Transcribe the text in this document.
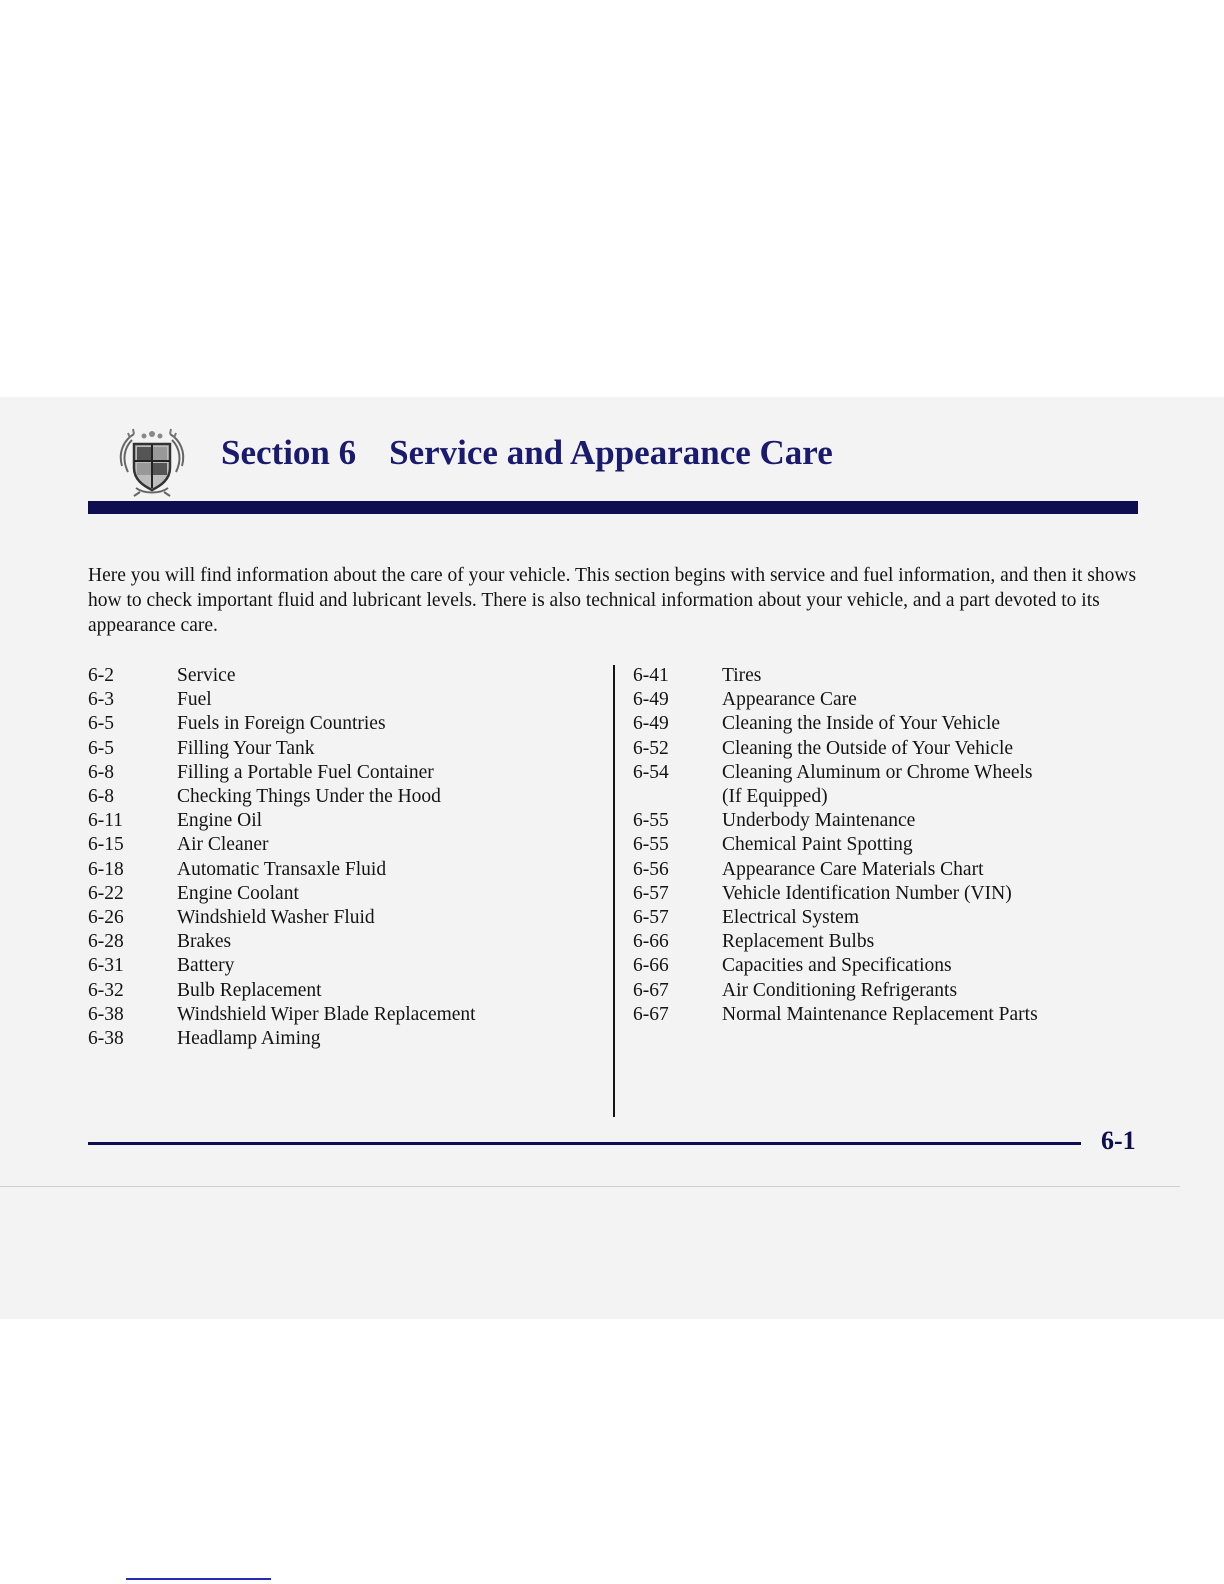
Section 6 Service and Appearance Care

Here you will find information about the care of your vehicle. This section begins with service and fuel information, and then it shows how to check important fluid and lubricant levels. There is also technical information about your vehicle, and a part devoted to its appearance care.

6-2	Service
6-3	Fuel
6-5	Fuels in Foreign Countries
6-5	Filling Your Tank
6-8	Filling a Portable Fuel Container
6-8	Checking Things Under the Hood
6-11	Engine Oil
6-15	Air Cleaner
6-18	Automatic Transaxle Fluid
6-22	Engine Coolant
6-26	Windshield Washer Fluid
6-28	Brakes
6-31	Battery
6-32	Bulb Replacement
6-38	Windshield Wiper Blade Replacement
6-38	Headlamp Aiming
6-41	Tires
6-49	Appearance Care
6-49	Cleaning the Inside of Your Vehicle
6-52	Cleaning the Outside of Your Vehicle
6-54	Cleaning Aluminum or Chrome Wheels
(If Equipped)
6-55	Underbody Maintenance
6-55	Chemical Paint Spotting
6-56	Appearance Care Materials Chart
6-57	Vehicle Identification Number (VIN)
6-57	Electrical System
6-66	Replacement Bulbs
6-66	Capacities and Specifications
6-67	Air Conditioning Refrigerants
6-67	Normal Maintenance Replacement Parts

6-1
